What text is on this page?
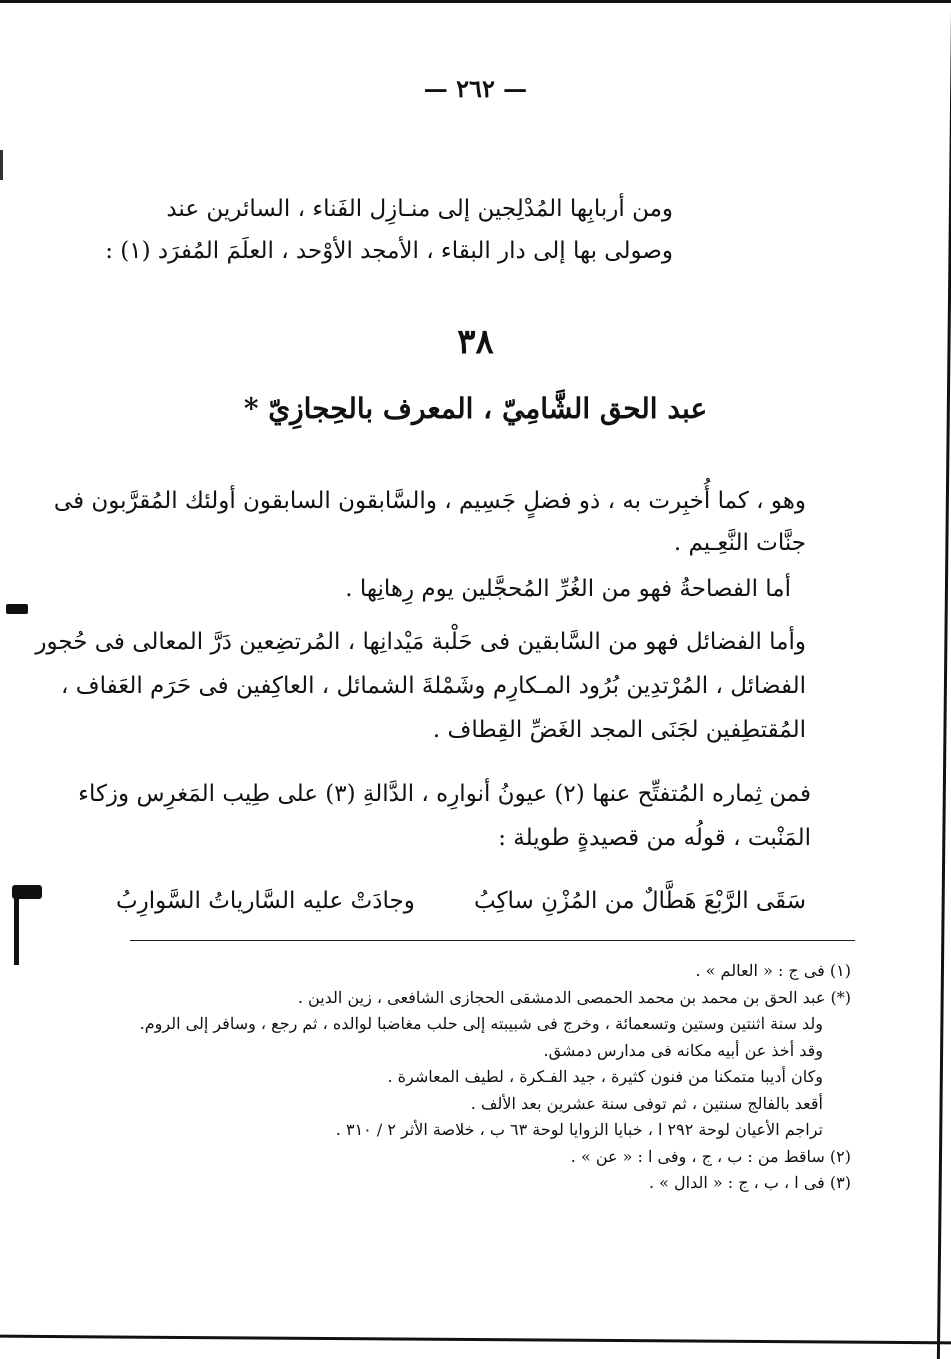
— ٢٦٢ —
ومن أربابِها المُدْلِجين إلى منـازِل الفَناء ، السائرين عند
وصولى بها إلى دار البقاء ، الأمجد الأوْحد ، العلَمَ المُفرَد (١) :
٣٨
عبد الحق الشَّامِيّ ، المعرف بالحِجازِيّ *
وهو ، كما أُخبِرت به ، ذو فضلٍ جَسِيم ، والسَّابقون السابقون أولئك المُقرَّبون فى
جنَّات النَّعِـيم .
أما الفصاحةُ فهو من الغُرِّ المُحجَّلين يوم رِهانِها .
وأما الفضائل فهو من السَّابقين فى حَلْبة مَيْدانِها ، المُرتضِعين دَرَّ المعالى فى حُجور
الفضائل ، المُرْتدِين بُرُود المـكارِم وشَمْلةَ الشمائل ، العاكِفين فى حَرَم العَفاف ،
المُقتطِفين لجَنَى المجد الغَضِّ القِطاف .
فمن ثِماره المُتفتِّح عنها (٢) عيونُ أنوارِه ، الدَّالةِ (٣) على طِيب المَغرِس وزكاء
المَنْبت ، قولُه من قصيدةٍ طويلة :
سَقَى الرَّبْعَ هَطَّالٌ من المُزْنِ ساكِبُ
وجادَتْ عليه السَّارياتُ السَّوارِبُ
(١) فى ج : « العالم » .
(*) عبد الحق بن محمد بن محمد الحمصى الدمشقى الحجازى الشافعى ، زين الدين .
ولد سنة اثنتين وستين وتسعمائة ، وخرج فى شبيبته إلى حلب مغاضبا لوالده ، ثم رجع ، وسافر إلى الروم.
وقد أخذ عن أبيه مكانه فى مدارس دمشق.
وكان أديبا متمكنا من فنون كثيرة ، جيد الفـكرة ، لطيف المعاشرة .
أقعد بالفالج سنتين ، ثم توفى سنة عشرين بعد الألف .
تراجم الأعيان لوحة ٢٩٢ ا ، خبايا الزوايا لوحة ٦٣ ب ، خلاصة الأثر ٢ / ٣١٠ .
(٢) ساقط من : ب ، ج ، وفى ا : « عن » .
(٣) فى ا ، ب ، ج : « الدال » .
